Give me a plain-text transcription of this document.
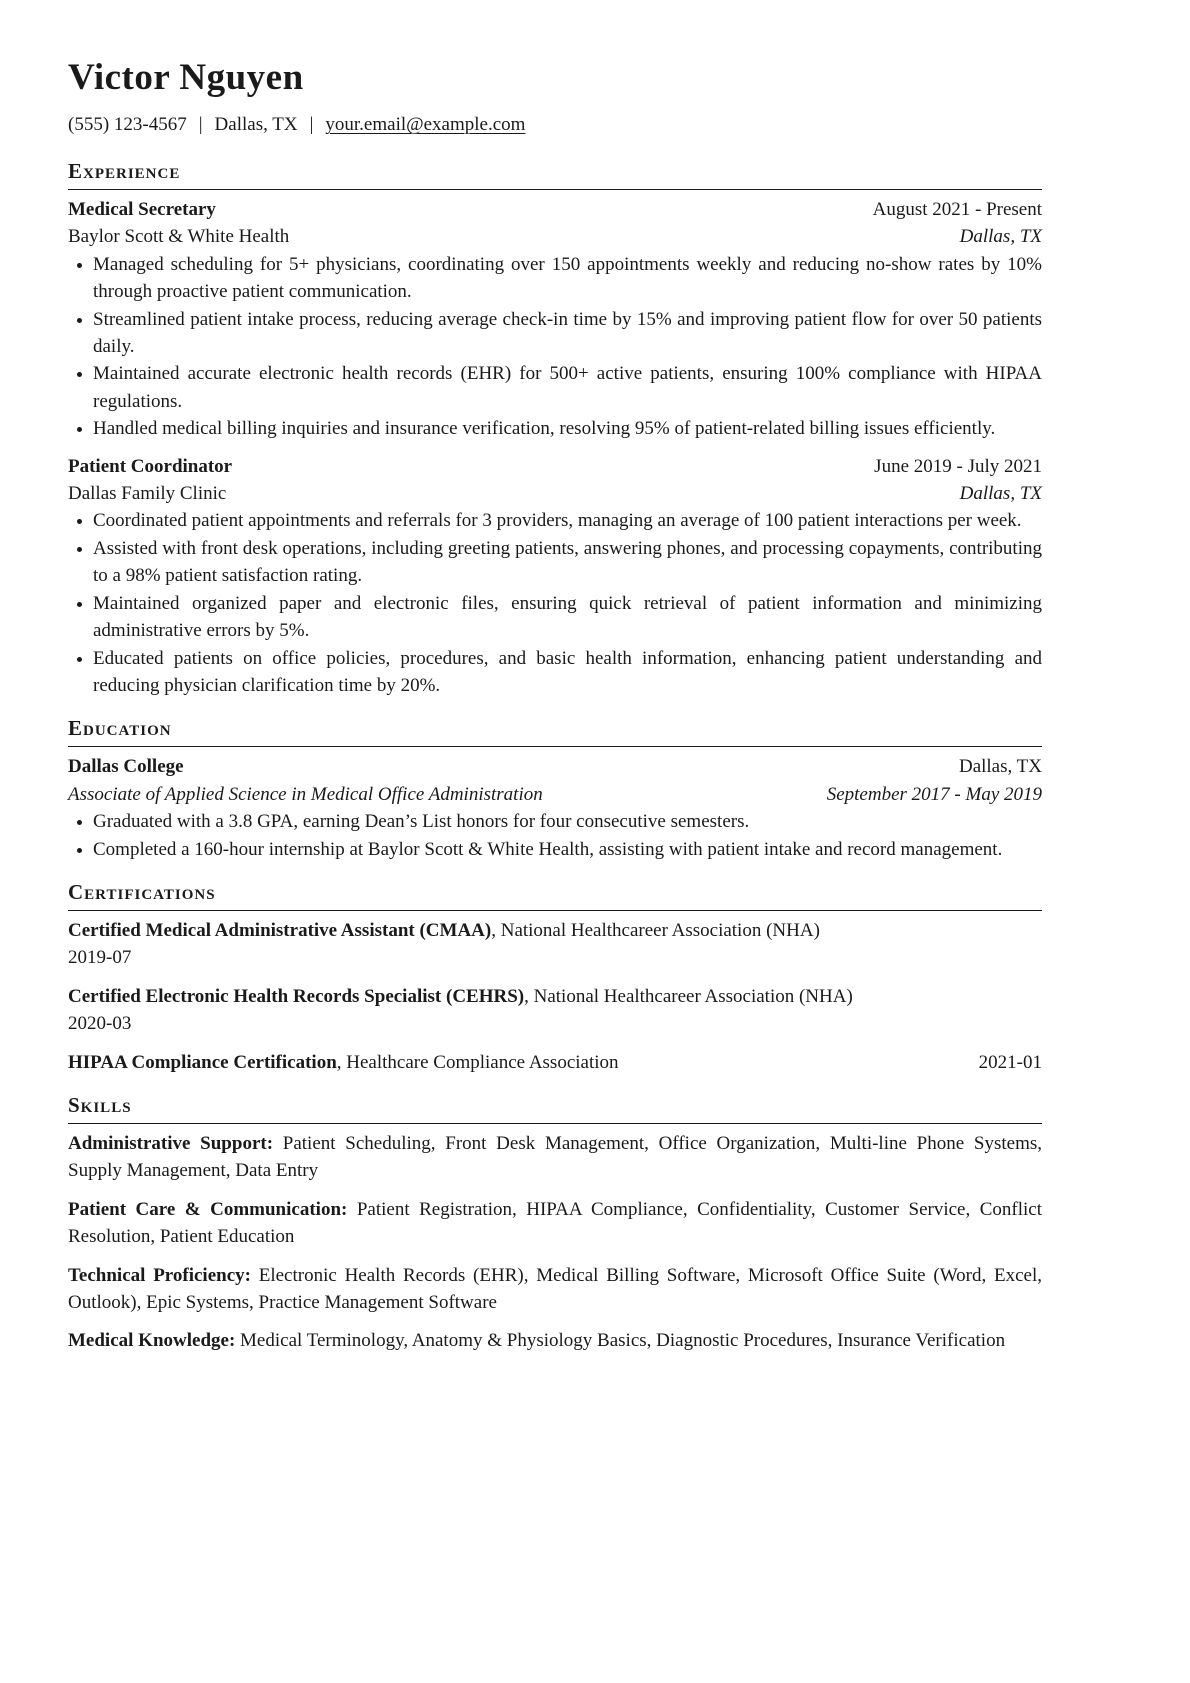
Victor Nguyen
(555) 123-4567 | Dallas, TX | your.email@example.com
Experience
Medical Secretary	August 2021 - Present
Baylor Scott & White Health	Dallas, TX
Managed scheduling for 5+ physicians, coordinating over 150 appointments weekly and reducing no-show rates by 10% through proactive patient communication.
Streamlined patient intake process, reducing average check-in time by 15% and improving patient flow for over 50 patients daily.
Maintained accurate electronic health records (EHR) for 500+ active patients, ensuring 100% compliance with HIPAA regulations.
Handled medical billing inquiries and insurance verification, resolving 95% of patient-related billing issues efficiently.
Patient Coordinator	June 2019 - July 2021
Dallas Family Clinic	Dallas, TX
Coordinated patient appointments and referrals for 3 providers, managing an average of 100 patient interactions per week.
Assisted with front desk operations, including greeting patients, answering phones, and processing copayments, contributing to a 98% patient satisfaction rating.
Maintained organized paper and electronic files, ensuring quick retrieval of patient information and minimizing administrative errors by 5%.
Educated patients on office policies, procedures, and basic health information, enhancing patient understanding and reducing physician clarification time by 20%.
Education
Dallas College	Dallas, TX
Associate of Applied Science in Medical Office Administration	September 2017 - May 2019
Graduated with a 3.8 GPA, earning Dean’s List honors for four consecutive semesters.
Completed a 160-hour internship at Baylor Scott & White Health, assisting with patient intake and record management.
Certifications
Certified Medical Administrative Assistant (CMAA), National Healthcareer Association (NHA)
2019-07
Certified Electronic Health Records Specialist (CEHRS), National Healthcareer Association (NHA)
2020-03
HIPAA Compliance Certification, Healthcare Compliance Association	2021-01
Skills
Administrative Support: Patient Scheduling, Front Desk Management, Office Organization, Multi-line Phone Systems, Supply Management, Data Entry
Patient Care & Communication: Patient Registration, HIPAA Compliance, Confidentiality, Customer Service, Conflict Resolution, Patient Education
Technical Proficiency: Electronic Health Records (EHR), Medical Billing Software, Microsoft Office Suite (Word, Excel, Outlook), Epic Systems, Practice Management Software
Medical Knowledge: Medical Terminology, Anatomy & Physiology Basics, Diagnostic Procedures, Insurance Verification
